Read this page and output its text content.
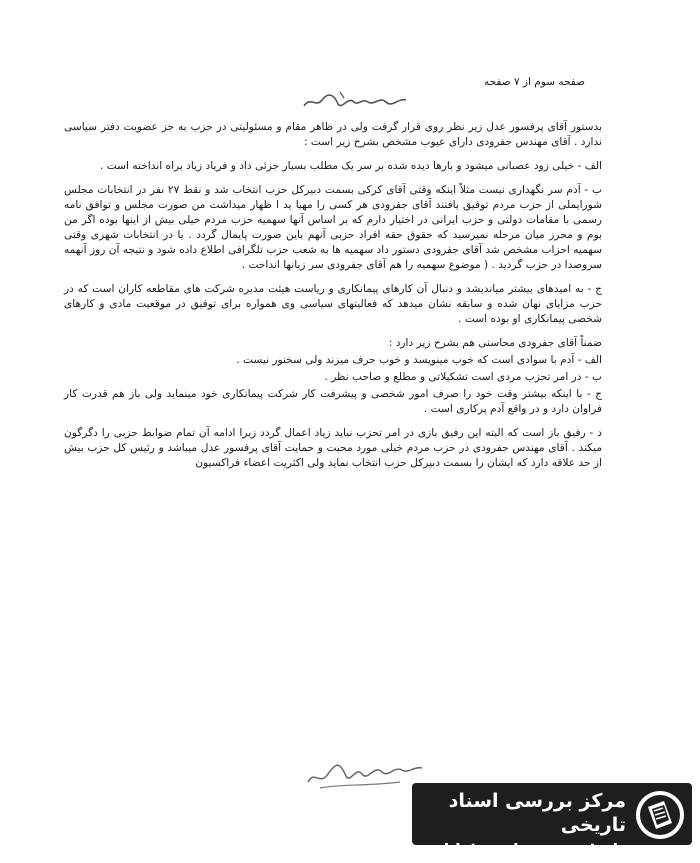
صفحه سوم از ۷ صفحه

بدستور آقای پرفسور عدل زیر نظر روی قرار گرفت ولی در ظاهر مقام و مسئولیتی در حزب به جز عضویت دفتر سیاسی ندارد . آقای مهندس جفرودی دارای عیوب مشخص بشرح زیر است :

الف - خیلی زود عصبانی میشود و بارها دیده شده بر سر یک مطلب بسیار جزئی داد و فریاد زیاد براه انداخته است .

ب - آدم سر نگهداری نیست مثلاً اینکه وقتی آقای کرکی بسمت دبیرکل حزب انتخاب شد و نقط ۲۷ نفر در انتخابات مجلس شورایملی از حزب مردم توفیق یافتند آقای جفرودی هر کسی را مهیا ید ا ظهار میداشت من صورت مجلس و توافق نامه رسمی با مقامات دولتی و حزب ایرانی در اختیار دارم که بر اساس آنها سهمیه حزب مردم خیلی بیش از اینها بوده اگر من بوم و محرز میان مرحله نمیرسید که حقوق حقه افراد حزبی آنهم باین صورت پایمال گردد . یا در انتخابات شهری وقتی سهمیه احزاب مشخص شد آقای جفرودی دستور داد سهمیه ها به شعب حزب تلگرافی اطلاع داده شود و نتیجه آن روز آنهمه سروصدا در حزب گردید . ( موضوع سهمیه را هم آقای جفرودی سر زبانها انداخت .

ج - به امیدهای بیشتر میاندیشد و دنبال آن کارهای پیمانکاری و ریاست هیئت مدیره شرکت های مقاطعه کاران است که در حزب مزایای نهان شده و سابقه نشان میدهد که فعالیتهای سیاسی وی همواره برای توفیق در موقعیت مادی و کارهای شخصی پیمانکاری او بوده است .

ضمناً آقای جفرودی محاسنی هم بشرح زیر دارد :

الف - آدم با سوادی است که خوب مینویسد و خوب حرف میزند ولی سخنور نیست .

ب - در امر تحزب مردی است تشکیلاتی و مطلع و صاحب نظر .

ج - با اینکه بیشتر وقت خود را صرف امور شخصی و پیشرفت کار شرکت پیمانکاری خود مینماید ولی باز هم قدرت کار فراوان دارد و در واقع آدم پرکاری است .

د - رفیق باز است که البته این رفیق بازی در امر تحزب نباید زیاد اعمال گردد زیرا ادامه آن تمام ضوابط حزبی را دگرگون میکند . آقای مهندس جفرودی در حزب مردم خیلی مورد محبت و حمایت آقای پرفسور عدل میباشد و رئیس کل حزب بیش از حد علاقه دارد که ایشان را بسمت دبیرکل حزب انتخاب نماید ولی اکثریت اعضاء فراکسیون

مرکز بررسی اسناد تاریخی
historydocuments.ir
